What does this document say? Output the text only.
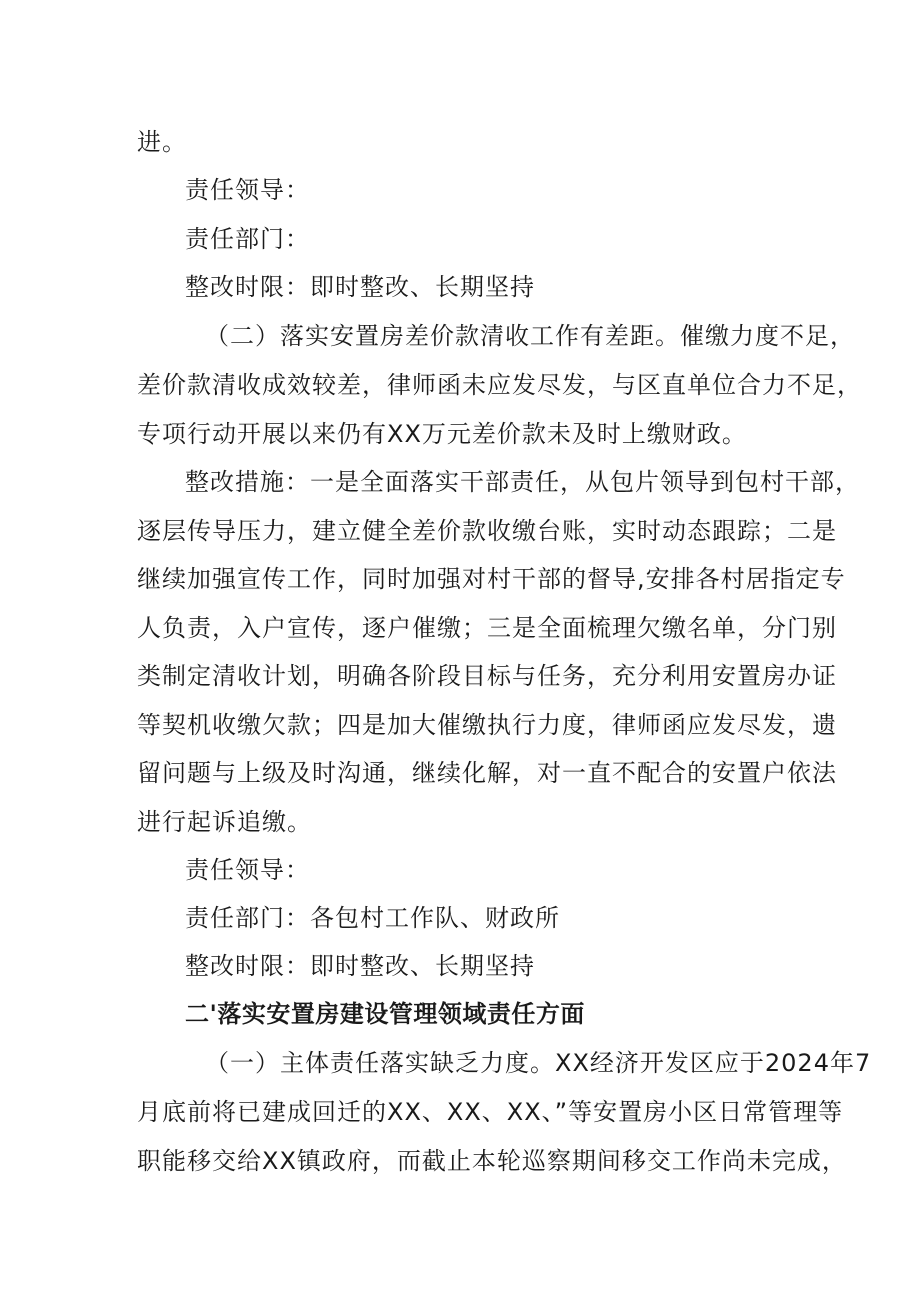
进。
责任领导：
责任部门：
整改时限：即时整改、长期坚持
（二）落实安置房差价款清收工作有差距。催缴力度不足，
差价款清收成效较差，律师函未应发尽发，与区直单位合力不足，
专项行动开展以来仍有XX万元差价款未及时上缴财政。
整改措施：一是全面落实干部责任，从包片领导到包村干部，
逐层传导压力，建立健全差价款收缴台账，实时动态跟踪；二是
继续加强宣传工作，同时加强对村干部的督导,安排各村居指定专
人负责，入户宣传，逐户催缴；三是全面梳理欠缴名单，分门别
类制定清收计划，明确各阶段目标与任务，充分利用安置房办证
等契机收缴欠款；四是加大催缴执行力度，律师函应发尽发，遗
留问题与上级及时沟通，继续化解，对一直不配合的安置户依法
进行起诉追缴。
责任领导：
责任部门：各包村工作队、财政所
整改时限：即时整改、长期坚持
二'落实安置房建设管理领域责任方面
（一）主体责任落实缺乏力度。XX经济开发区应于2024年7
月底前将已建成回迁的XX、XX、XX、”等安置房小区日常管理等
职能移交给XX镇政府，而截止本轮巡察期间移交工作尚未完成，
